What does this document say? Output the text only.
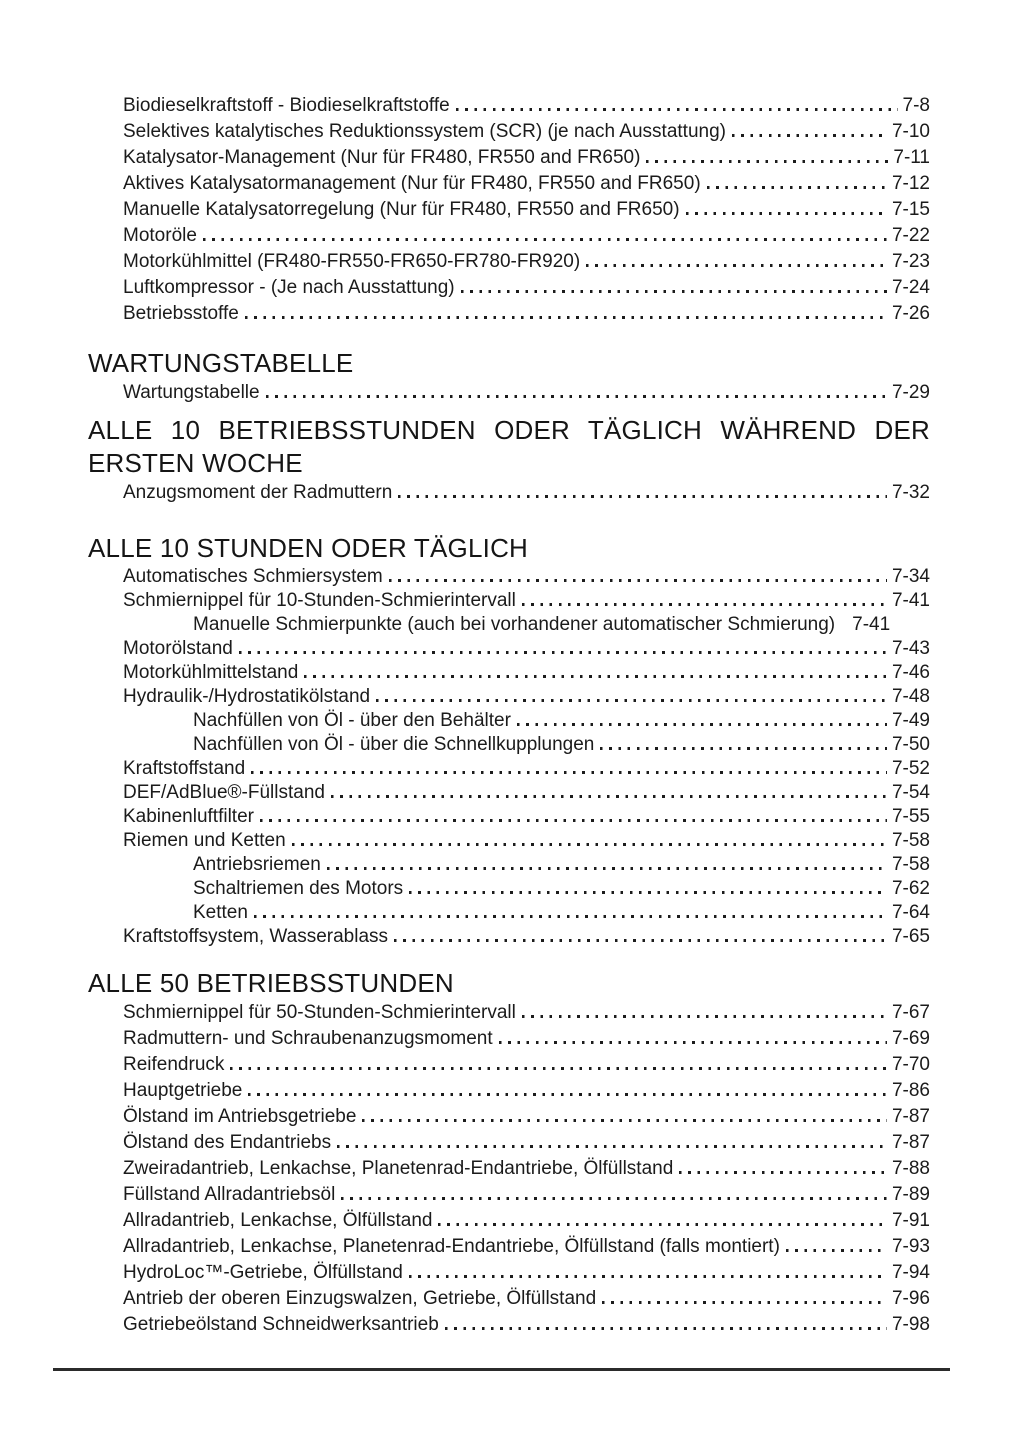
Biodieselkraftstoff - Biodieselkraftstoffe	7-8
Selektives katalytisches Reduktionssystem (SCR) (je nach Ausstattung)	7-10
Katalysator-Management (Nur für FR480, FR550 and FR650)	7-11
Aktives Katalysatormanagement (Nur für FR480, FR550 and FR650)	7-12
Manuelle Katalysatorregelung (Nur für FR480, FR550 and FR650)	7-15
Motoröle	7-22
Motorkühlmittel (FR480-FR550-FR650-FR780-FR920)	7-23
Luftkompressor - (Je nach Ausstattung)	7-24
Betriebsstoffe	7-26
WARTUNGSTABELLE
Wartungstabelle	7-29
ALLE 10 BETRIEBSSTUNDEN ODER TÄGLICH WÄHREND DER
ERSTEN WOCHE
Anzugsmoment der Radmuttern	7-32
ALLE 10 STUNDEN ODER TÄGLICH
Automatisches Schmiersystem	7-34
Schmiernippel für 10-Stunden-Schmierintervall	7-41
Manuelle Schmierpunkte (auch bei vorhandener automatischer Schmierung) 7-41
Motorölstand	7-43
Motorkühlmittelstand	7-46
Hydraulik-/Hydrostatikölstand	7-48
Nachfüllen von Öl - über den Behälter	7-49
Nachfüllen von Öl - über die Schnellkupplungen	7-50
Kraftstoffstand	7-52
DEF/AdBlue®-Füllstand	7-54
Kabinenluftfilter	7-55
Riemen und Ketten	7-58
Antriebsriemen	7-58
Schaltriemen des Motors	7-62
Ketten	7-64
Kraftstoffsystem, Wasserablass	7-65
ALLE 50 BETRIEBSSTUNDEN
Schmiernippel für 50-Stunden-Schmierintervall	7-67
Radmuttern- und Schraubenanzugsmoment	7-69
Reifendruck	7-70
Hauptgetriebe	7-86
Ölstand im Antriebsgetriebe	7-87
Ölstand des Endantriebs	7-87
Zweiradantrieb, Lenkachse, Planetenrad-Endantriebe, Ölfüllstand	7-88
Füllstand Allradantriebsöl	7-89
Allradantrieb, Lenkachse, Ölfüllstand	7-91
Allradantrieb, Lenkachse, Planetenrad-Endantriebe, Ölfüllstand (falls montiert)	7-93
HydroLoc™-Getriebe, Ölfüllstand	7-94
Antrieb der oberen Einzugswalzen, Getriebe, Ölfüllstand	7-96
Getriebeölstand Schneidwerksantrieb	7-98
